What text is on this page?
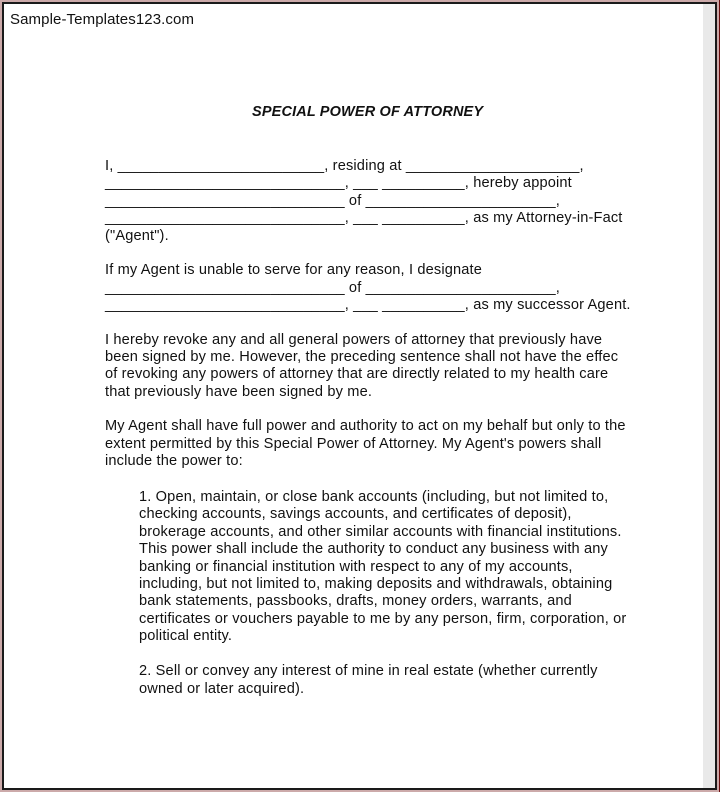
Sample-Templates123.com
SPECIAL POWER OF ATTORNEY
I, _________________________, residing at _____________________,
_____________________________, ___ __________, hereby appoint
_____________________________ of _______________________,
_____________________________, ___ __________, as my Attorney-in-Fact
("Agent").
If my Agent is unable to serve for any reason, I designate
_____________________________ of _______________________,
_____________________________, ___ __________, as my successor Agent.
I hereby revoke any and all general powers of attorney that previously have
been signed by me. However, the preceding sentence shall not have the effec
of revoking any powers of attorney that are directly related to my health care
that previously have been signed by me.
My Agent shall have full power and authority to act on my behalf but only to the
extent permitted by this Special Power of Attorney. My Agent's powers shall
include the power to:
1. Open, maintain, or close bank accounts (including, but not limited to,
checking accounts, savings accounts, and certificates of deposit),
brokerage accounts, and other similar accounts with financial institutions.
This power shall include the authority to conduct any business with any
banking or financial institution with respect to any of my accounts,
including, but not limited to, making deposits and withdrawals, obtaining
bank statements, passbooks, drafts, money orders, warrants, and
certificates or vouchers payable to me by any person, firm, corporation, or
political entity.
2. Sell or convey any interest of mine in real estate (whether currently
owned or later acquired).
